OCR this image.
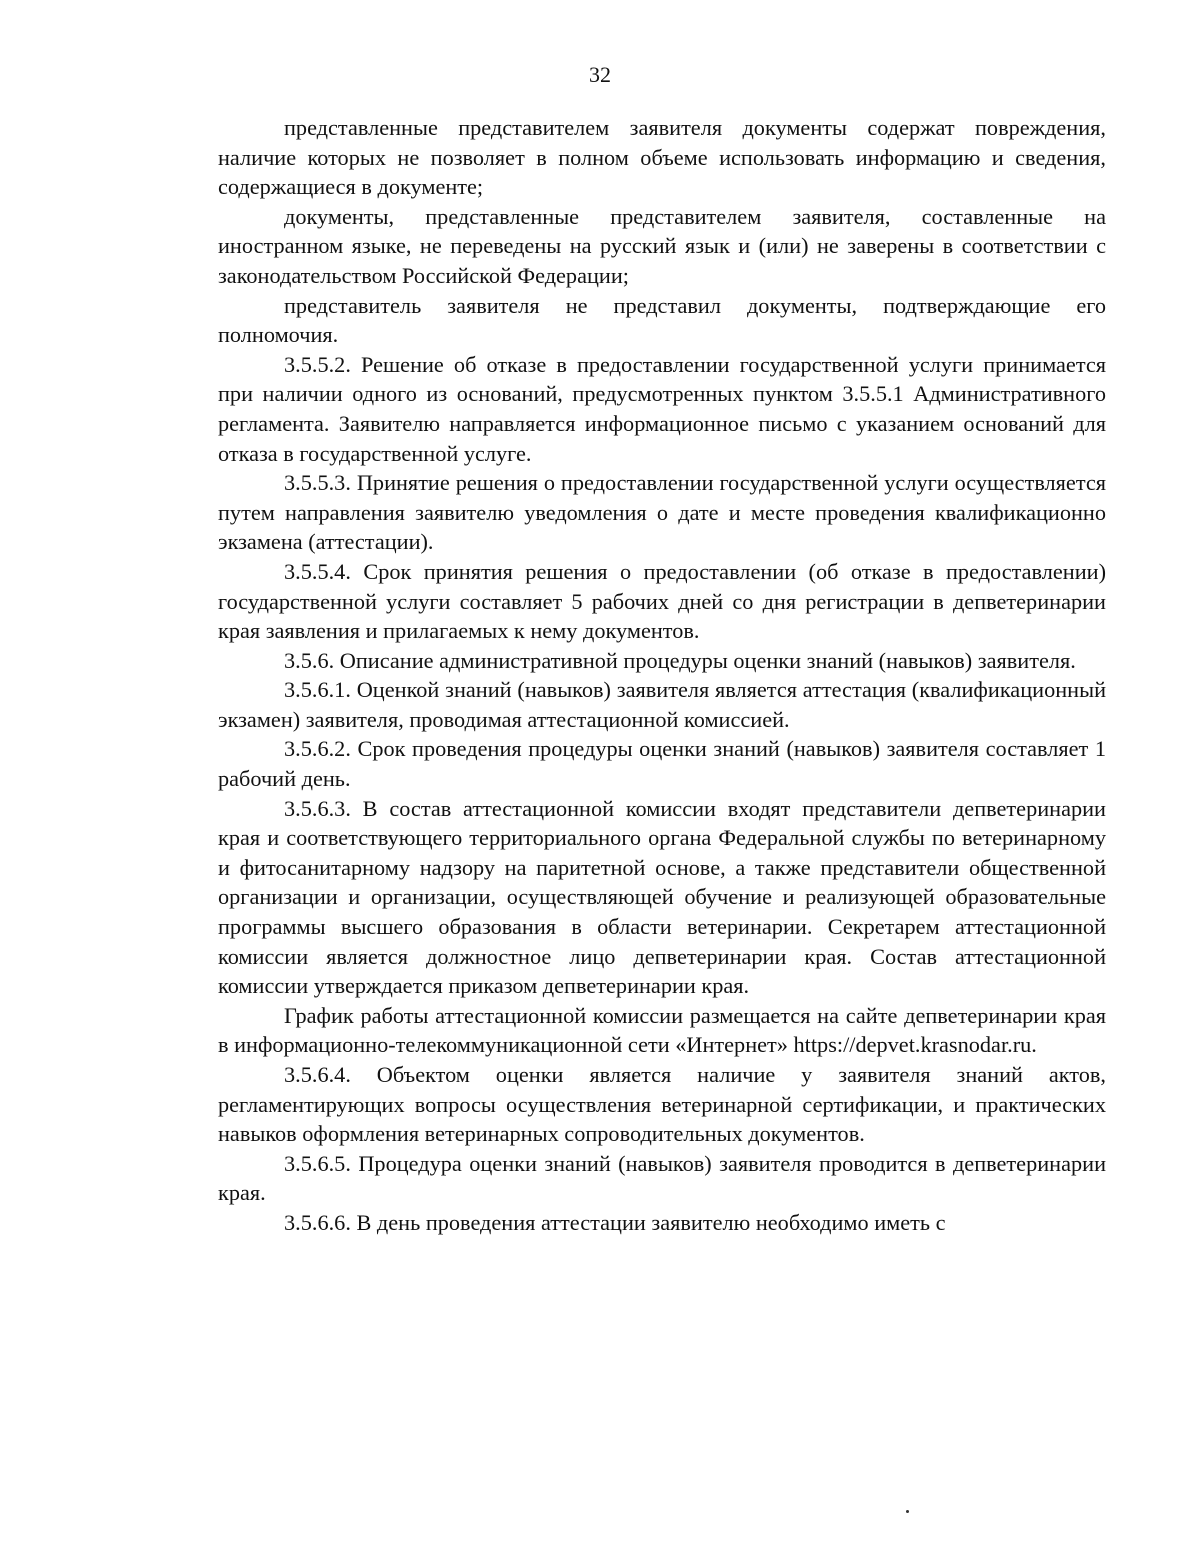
32

представленные представителем заявителя документы содержат повреждения, наличие которых не позволяет в полном объеме использовать информацию и сведения, содержащиеся в документе;

документы, представленные представителем заявителя, составленные на иностранном языке, не переведены на русский язык и (или) не заверены в соответствии с законодательством Российской Федерации;

представитель заявителя не представил документы, подтверждающие его полномочия.

3.5.5.2. Решение об отказе в предоставлении государственной услуги принимается при наличии одного из оснований, предусмотренных пунктом 3.5.5.1 Административного регламента. Заявителю направляется информационное письмо с указанием оснований для отказа в государственной услуге.

3.5.5.3. Принятие решения о предоставлении государственной услуги осуществляется путем направления заявителю уведомления о дате и месте проведения квалификационно экзамена (аттестации).

3.5.5.4. Срок принятия решения о предоставлении (об отказе в предоставлении) государственной услуги составляет 5 рабочих дней со дня регистрации в депветеринарии края заявления и прилагаемых к нему документов.

3.5.6. Описание административной процедуры оценки знаний (навыков) заявителя.

3.5.6.1. Оценкой знаний (навыков) заявителя является аттестация (квалификационный экзамен) заявителя, проводимая аттестационной комиссией.

3.5.6.2. Срок проведения процедуры оценки знаний (навыков) заявителя составляет 1 рабочий день.

3.5.6.3. В состав аттестационной комиссии входят представители депветеринарии края и соответствующего территориального органа Федеральной службы по ветеринарному и фитосанитарному надзору на паритетной основе, а также представители общественной организации и организации, осуществляющей обучение и реализующей образовательные программы высшего образования в области ветеринарии. Секретарем аттестационной комиссии является должностное лицо депветеринарии края. Состав аттестационной комиссии утверждается приказом депветеринарии края.

График работы аттестационной комиссии размещается на сайте депветеринарии края в информационно-телекоммуникационной сети «Интернет» https://depvet.krasnodar.ru.

3.5.6.4. Объектом оценки является наличие у заявителя знаний актов, регламентирующих вопросы осуществления ветеринарной сертификации, и практических навыков оформления ветеринарных сопроводительных документов.

3.5.6.5. Процедура оценки знаний (навыков) заявителя проводится в депветеринарии края.

3.5.6.6. В день проведения аттестации заявителю необходимо иметь с
